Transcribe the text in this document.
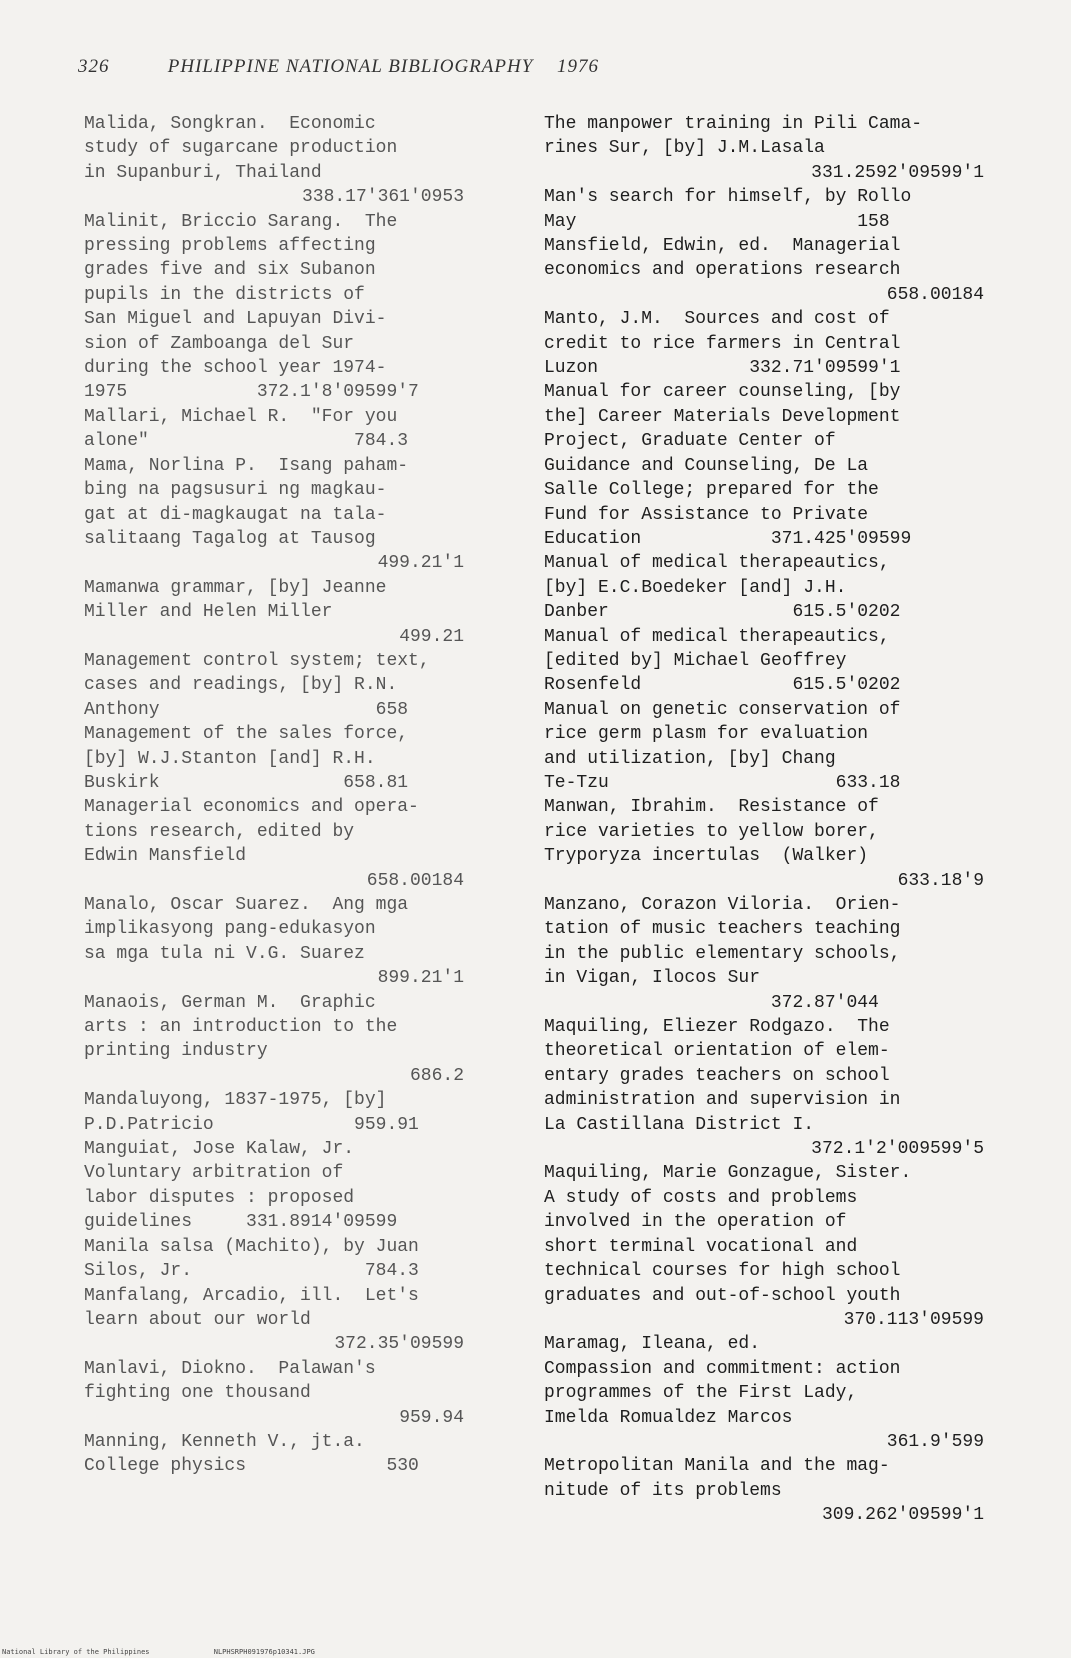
326	PHILIPPINE NATIONAL BIBLIOGRAPHY 1976
Malida, Songkran.  Economic
study of sugarcane production
in Supanburi, Thailand
338.17'361'0953
Malinit, Briccio Sarang.  The
pressing problems affecting
grades five and six Subanon
pupils in the districts of
San Miguel and Lapuyan Divi-
sion of Zamboanga del Sur
during the school year 1974-
1975            372.1'8'09599'7
Mallari, Michael R.  "For you
alone"                   784.3
Mama, Norlina P.  Isang paham-
bing na pagsusuri ng magkau-
gat at di-magkaugat na tala-
salitaang Tagalog at Tausog
499.21'1
Mamanwa grammar, [by] Jeanne
Miller and Helen Miller
499.21
Management control system; text,
cases and readings, [by] R.N.
Anthony                    658
Management of the sales force,
[by] W.J.Stanton [and] R.H.
Buskirk                 658.81
Managerial economics and opera-
tions research, edited by
Edwin Mansfield
658.00184
Manalo, Oscar Suarez.  Ang mga
implikasyong pang-edukasyon
sa mga tula ni V.G. Suarez
899.21'1
Manaois, German M.  Graphic
arts : an introduction to the
printing industry
686.2
Mandaluyong, 1837-1975, [by]
P.D.Patricio             959.91
Manguiat, Jose Kalaw, Jr.
Voluntary arbitration of
labor disputes : proposed
guidelines     331.8914'09599
Manila salsa (Machito), by Juan
Silos, Jr.                784.3
Manfalang, Arcadio, ill.  Let's
learn about our world
372.35'09599
Manlavi, Diokno.  Palawan's
fighting one thousand
959.94
Manning, Kenneth V., jt.a.
College physics             530
The manpower training in Pili Cama-
rines Sur, [by] J.M.Lasala
331.2592'09599'1
Man's search for himself, by Rollo
May                          158
Mansfield, Edwin, ed.  Managerial
economics and operations research
658.00184
Manto, J.M.  Sources and cost of
credit to rice farmers in Central
Luzon              332.71'09599'1
Manual for career counseling, [by
the] Career Materials Development
Project, Graduate Center of
Guidance and Counseling, De La
Salle College; prepared for the
Fund for Assistance to Private
Education            371.425'09599
Manual of medical therapeautics,
[by] E.C.Boedeker [and] J.H.
Danber                 615.5'0202
Manual of medical therapeautics,
[edited by] Michael Geoffrey
Rosenfeld              615.5'0202
Manual on genetic conservation of
rice germ plasm for evaluation
and utilization, [by] Chang
Te-Tzu                     633.18
Manwan, Ibrahim.  Resistance of
rice varieties to yellow borer,
Tryporyza incertulas  (Walker)
633.18'9
Manzano, Corazon Viloria.  Orien-
tation of music teachers teaching
in the public elementary schools,
in Vigan, Ilocos Sur
372.87'044
Maquiling, Eliezer Rodgazo.  The
theoretical orientation of elem-
entary grades teachers on school
administration and supervision in
La Castillana District I.
372.1'2'009599'5
Maquiling, Marie Gonzague, Sister.
A study of costs and problems
involved in the operation of
short terminal vocational and
technical courses for high school
graduates and out-of-school youth
370.113'09599
Maramag, Ileana, ed.
Compassion and commitment: action
programmes of the First Lady,
Imelda Romualdez Marcos
361.9'599
Metropolitan Manila and the mag-
nitude of its problems
309.262'09599'1
National Library of the Philippines	NLPHSRPH091976p10341.JPG
